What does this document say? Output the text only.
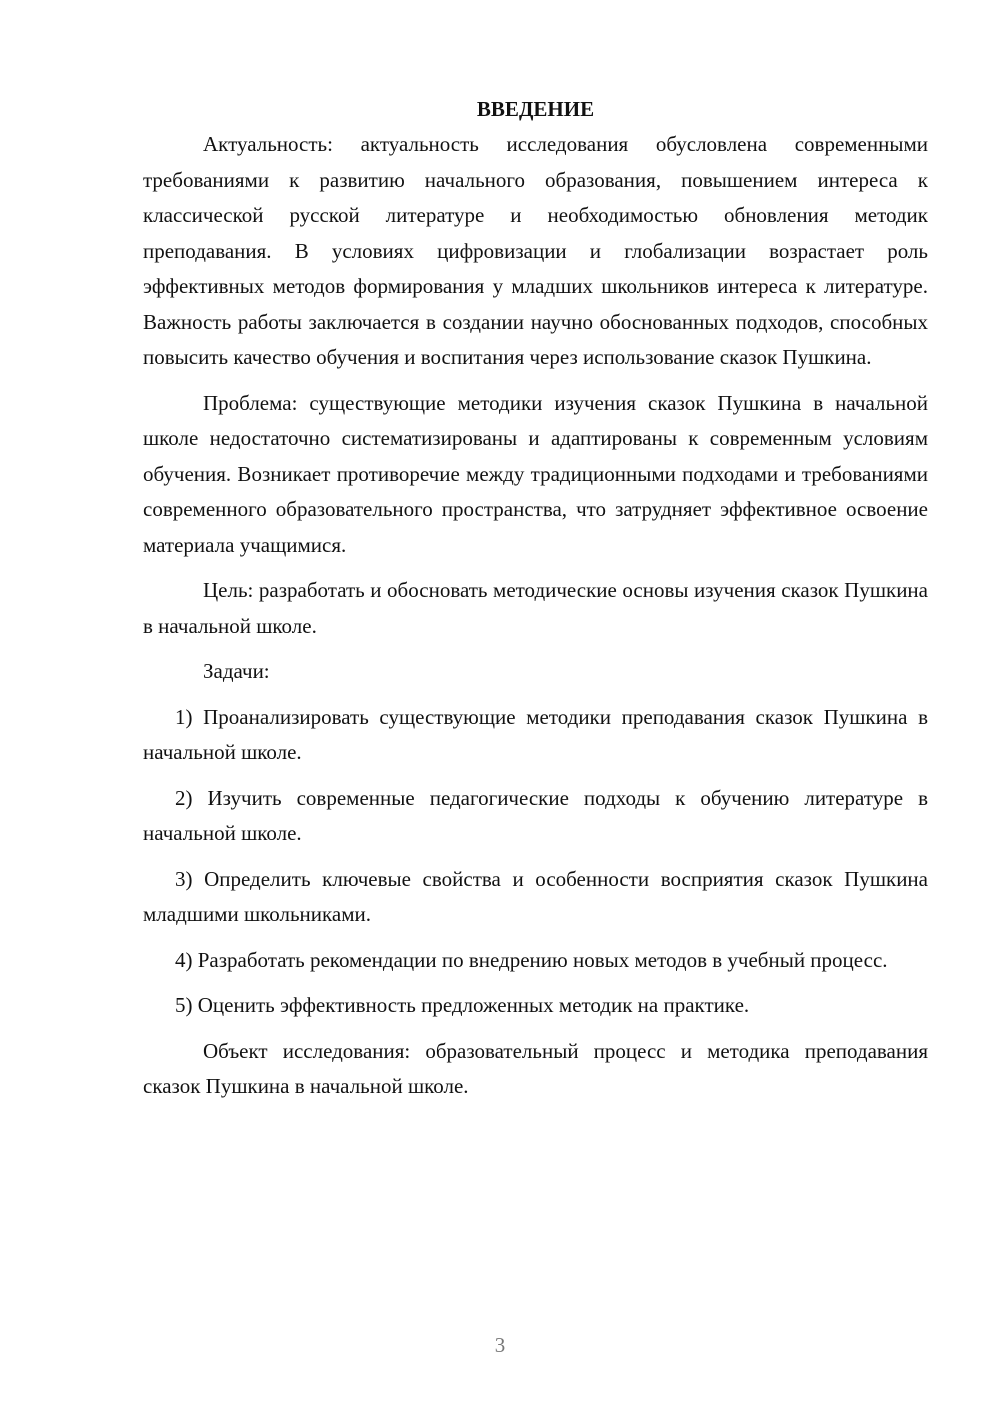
ВВЕДЕНИЕ

Актуальность: актуальность исследования обусловлена современными требованиями к развитию начального образования, повышением интереса к классической русской литературе и необходимостью обновления методик преподавания. В условиях цифровизации и глобализации возрастает роль эффективных методов формирования у младших школьников интереса к литературе. Важность работы заключается в создании научно обоснованных подходов, способных повысить качество обучения и воспитания через использование сказок Пушкина.

Проблема: существующие методики изучения сказок Пушкина в начальной школе недостаточно систематизированы и адаптированы к современным условиям обучения. Возникает противоречие между традиционными подходами и требованиями современного образовательного пространства, что затрудняет эффективное освоение материала учащимися.

Цель: разработать и обосновать методические основы изучения сказок Пушкина в начальной школе.

Задачи:

1) Проанализировать существующие методики преподавания сказок Пушкина в начальной школе.

2) Изучить современные педагогические подходы к обучению литературе в начальной школе.

3) Определить ключевые свойства и особенности восприятия сказок Пушкина младшими школьниками.

4) Разработать рекомендации по внедрению новых методов в учебный процесс.

5) Оценить эффективность предложенных методик на практике.

Объект исследования: образовательный процесс и методика преподавания сказок Пушкина в начальной школе.

3
